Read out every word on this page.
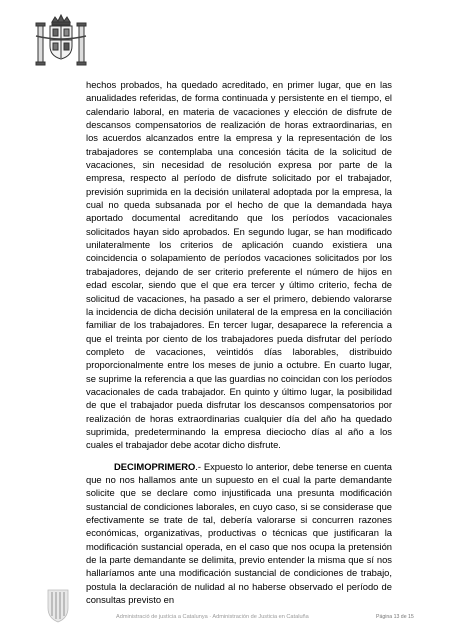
hechos probados, ha quedado acreditado, en primer lugar, que en las anualidades referidas, de forma continuada y persistente en el tiempo, el calendario laboral, en materia de vacaciones y elección de disfrute de descansos compensatorios de realización de horas extraordinarias, en los acuerdos alcanzados entre la empresa y la representación de los trabajadores se contemplaba una concesión tácita de la solicitud de vacaciones, sin necesidad de resolución expresa por parte de la empresa, respecto al período de disfrute solicitado por el trabajador, previsión suprimida en la decisión unilateral adoptada por la empresa, la cual no queda subsanada por el hecho de que la demandada haya aportado documental acreditando que los períodos vacacionales solicitados hayan sido aprobados. En segundo lugar, se han modificado unilateralmente los criterios de aplicación cuando existiera una coincidencia o solapamiento de períodos vacaciones solicitados por los trabajadores, dejando de ser criterio preferente el número de hijos en edad escolar, siendo que el que era tercer y último criterio, fecha de solicitud de vacaciones, ha pasado a ser el primero, debiendo valorarse la incidencia de dicha decisión unilateral de la empresa en la conciliación familiar de los trabajadores. En tercer lugar, desaparece la referencia a que el treinta por ciento de los trabajadores pueda disfrutar del período completo de vacaciones, veintidós días laborables, distribuido proporcionalmente entre los meses de junio a octubre. En cuarto lugar, se suprime la referencia a que las guardias no coincidan con los períodos vacacionales de cada trabajador. En quinto y último lugar, la posibilidad de que el trabajador pueda disfrutar los descansos compensatorios por realización de horas extraordinarias cualquier día del año ha quedado suprimida, predeterminando la empresa dieciocho días al año a los cuales el trabajador debe acotar dicho disfrute.

DECIMOPRIMERO.- Expuesto lo anterior, debe tenerse en cuenta que no nos hallamos ante un supuesto en el cual la parte demandante solicite que se declare como injustificada una presunta modificación sustancial de condiciones laborales, en cuyo caso, si se considerase que efectivamente se trate de tal, debería valorarse si concurren razones económicas, organizativas, productivas o técnicas que justificaran la modificación sustancial operada, en el caso que nos ocupa la pretensión de la parte demandante se delimita, previo entender la misma que sí nos hallaríamos ante una modificación sustancial de condiciones de trabajo, postula la declaración de nulidad al no haberse observado el período de consultas previsto en

Administració de justícia a Catalunya · Administración de Justicia en Cataluña	Página 13 de 15
